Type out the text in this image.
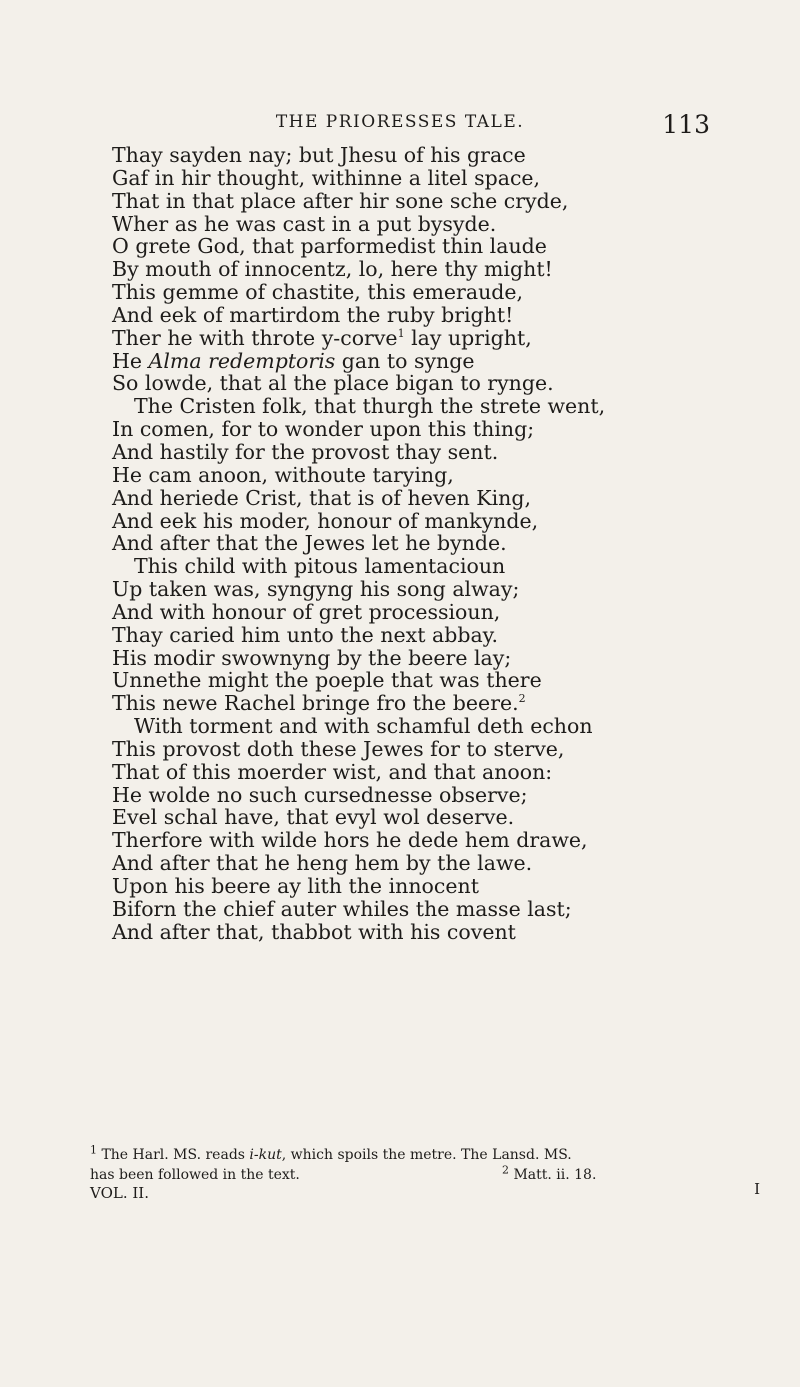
THE PRIORESSES TALE.	113
Thay sayden nay; but Jhesu of his grace
Gaf in hir thought, withinne a litel space,
That in that place after hir sone sche cryde,
Wher as he was cast in a put bysyde.
O grete God, that parformedist thin laude
By mouth of innocentz, lo, here thy might!
This gemme of chastite, this emeraude,
And eek of martirdom the ruby bright!
Ther he with throte y-corve$^1$ lay upright,
He Alma redemptoris gan to synge
So lowde, that al the place bigan to rynge.
The Cristen folk, that thurgh the strete went,
In comen, for to wonder upon this thing;
And hastily for the provost thay sent.
He cam anoon, withoute tarying,
And heriede Crist, that is of heven King,
And eek his moder, honour of mankynde,
And after that the Jewes let he bynde.
This child with pitous lamentacioun
Up taken was, syngyng his song alway;
And with honour of gret processioun,
Thay caried him unto the next abbay.
His modir swownyng by the beere lay;
Unnethe might the poeple that was there
This newe Rachel bringe fro the beere.$^2$
With torment and with schamful deth echon
This provost doth these Jewes for to sterve,
That of this moerder wist, and that anoon:
He wolde no such cursednesse observe;
Evel schal have, that evyl wol deserve.
Therfore with wilde hors he dede hem drawe,
And after that he heng hem by the lawe.
Upon his beere ay lith the innocent
Biforn the chief auter whiles the masse last;
And after that, thabbot with his covent
$^1$ The Harl. MS. reads i-kut, which spoils the metre. The Lansd. MS.
has been followed in the text.	$^2$ Matt. ii. 18.
VOL. II.	I
